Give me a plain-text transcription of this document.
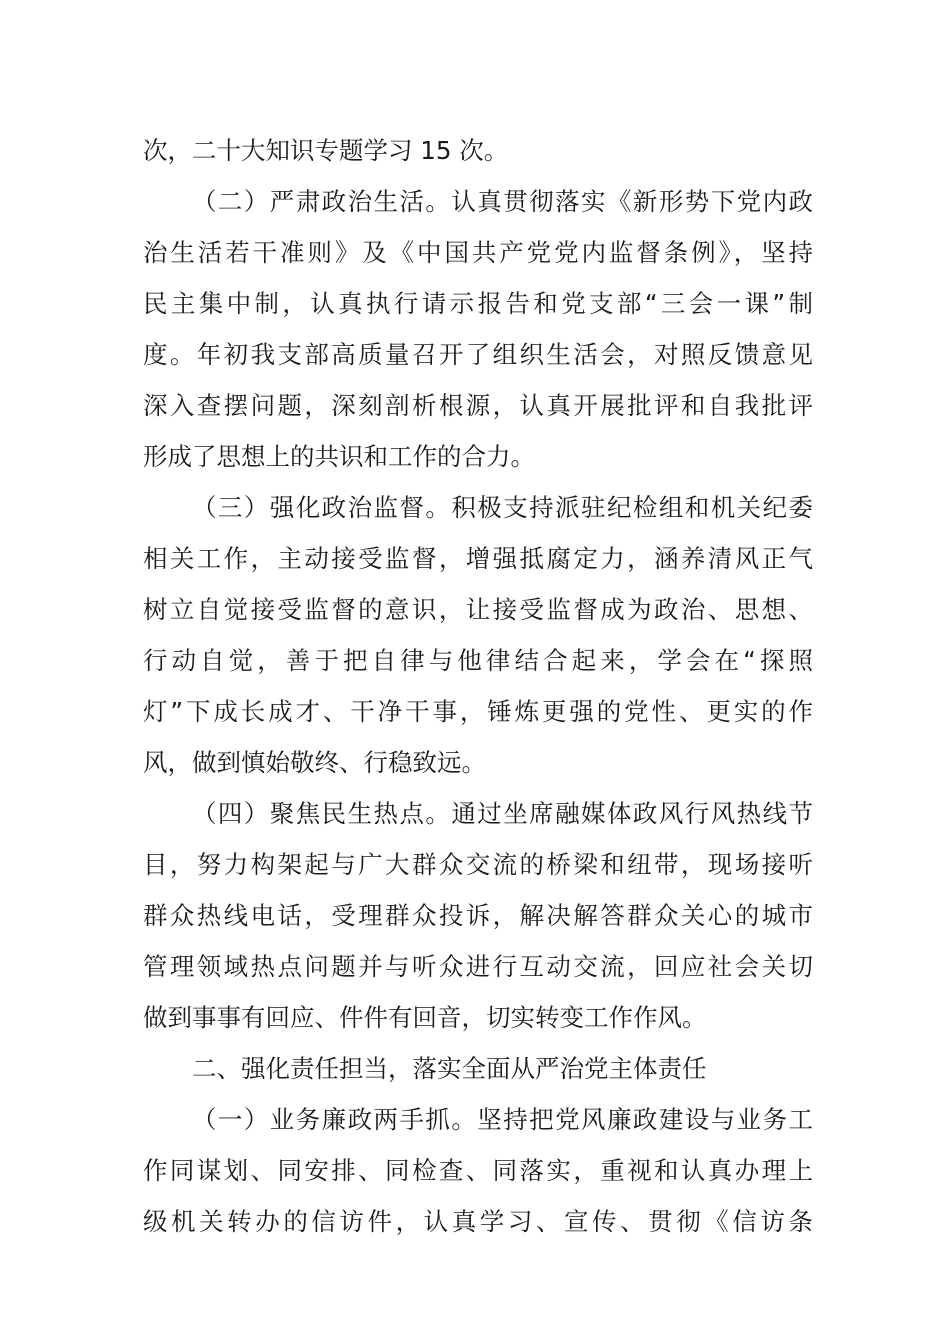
次，二十大知识专题学习 15 次。
（二）严肃政治生活。认真贯彻落实《新形势下党内政
治生活若干准则》及《中国共产党党内监督条例》，坚持
民主集中制，认真执行请示报告和党支部“三会一课”制
度。年初我支部高质量召开了组织生活会，对照反馈意见
深入查摆问题，深刻剖析根源，认真开展批评和自我批评
形成了思想上的共识和工作的合力。
（三）强化政治监督。积极支持派驻纪检组和机关纪委
相关工作，主动接受监督，增强抵腐定力，涵养清风正气
树立自觉接受监督的意识，让接受监督成为政治、思想、
行动自觉，善于把自律与他律结合起来，学会在“探照
灯”下成长成才、干净干事，锤炼更强的党性、更实的作
风，做到慎始敬终、行稳致远。
（四）聚焦民生热点。通过坐席融媒体政风行风热线节
目，努力构架起与广大群众交流的桥梁和纽带，现场接听
群众热线电话，受理群众投诉，解决解答群众关心的城市
管理领域热点问题并与听众进行互动交流，回应社会关切
做到事事有回应、件件有回音，切实转变工作作风。
二、强化责任担当，落实全面从严治党主体责任
（一）业务廉政两手抓。坚持把党风廉政建设与业务工
作同谋划、同安排、同检查、同落实，重视和认真办理上
级机关转办的信访件，认真学习、宣传、贯彻《信访条
